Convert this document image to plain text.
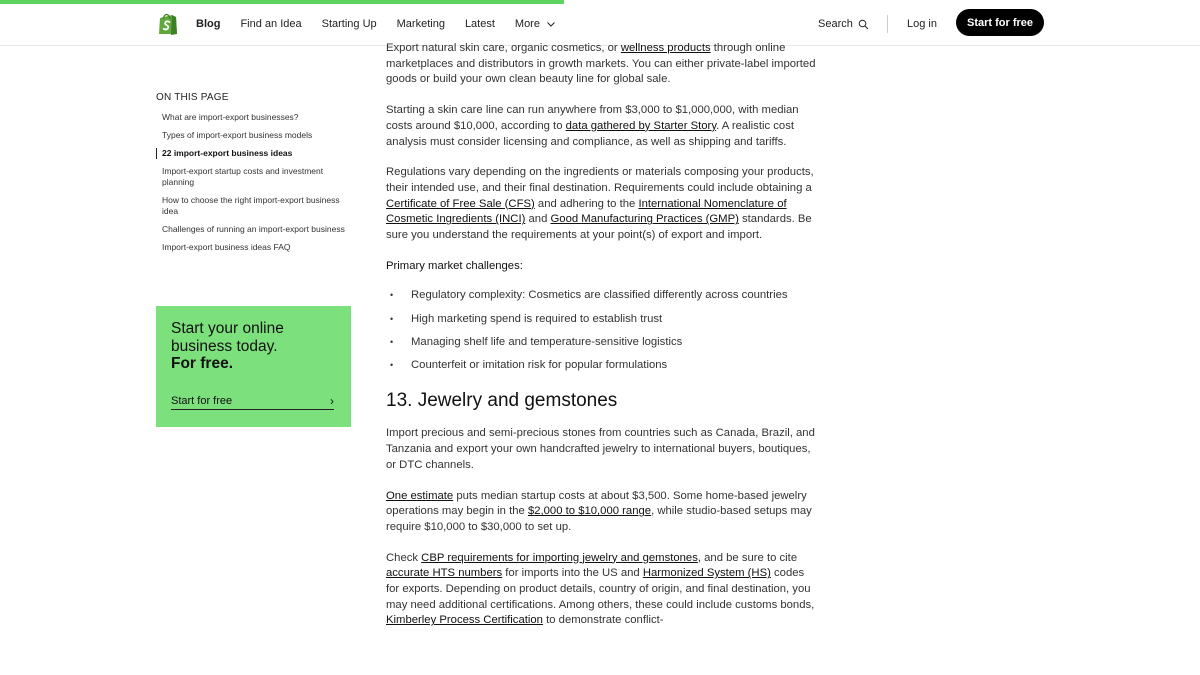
Blog Find an Idea Starting Up Marketing Latest More	Search	Log in	Start for free
ON THIS PAGE
What are import-export businesses?
Types of import-export business models
22 import-export business ideas
Import-export startup costs and investment planning
How to choose the right import-export business idea
Challenges of running an import-export business
Import-export business ideas FAQ
Start your online
business today.
For free.
Start for free	›

Export natural skin care, organic cosmetics, or wellness products through online marketplaces and distributors in growth markets. You can either private-label imported goods or build your own clean beauty line for global sale.

Starting a skin care line can run anywhere from $3,000 to $1,000,000, with median costs around $10,000, according to data gathered by Starter Story. A realistic cost analysis must consider licensing and compliance, as well as shipping and tariffs.

Regulations vary depending on the ingredients or materials composing your products, their intended use, and their final destination. Requirements could include obtaining a Certificate of Free Sale (CFS) and adhering to the International Nomenclature of Cosmetic Ingredients (INCI) and Good Manufacturing Practices (GMP) standards. Be sure you understand the requirements at your point(s) of export and import.

Primary market challenges:

• Regulatory complexity: Cosmetics are classified differently across countries
• High marketing spend is required to establish trust
• Managing shelf life and temperature-sensitive logistics
• Counterfeit or imitation risk for popular formulations
13. Jewelry and gemstones

Import precious and semi-precious stones from countries such as Canada, Brazil, and Tanzania and export your own handcrafted jewelry to international buyers, boutiques, or DTC channels.

One estimate puts median startup costs at about $3,500. Some home-based jewelry operations may begin in the $2,000 to $10,000 range, while studio-based setups may require $10,000 to $30,000 to set up.

Check CBP requirements for importing jewelry and gemstones, and be sure to cite accurate HTS numbers for imports into the US and Harmonized System (HS) codes for exports. Depending on product details, country of origin, and final destination, you may need additional certifications. Among others, these could include customs bonds, Kimberley Process Certification to demonstrate conflict-
